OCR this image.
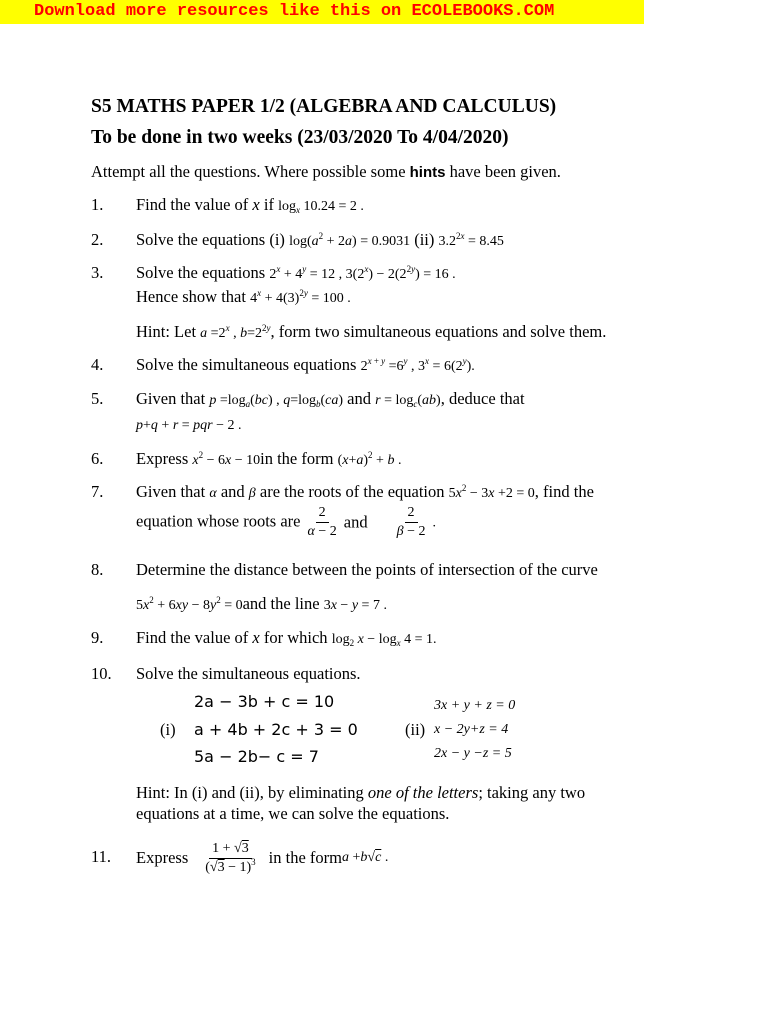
Download more resources like this on ECOLEBOOKS.COM
S5 MATHS PAPER 1/2 (ALGEBRA AND CALCULUS)
To be done in two weeks (23/03/2020 To 4/04/2020)
Attempt all the questions. Where possible some hints have been given.
1. Find the value of x if $\log_x 10.24 = 2$ .
2. Solve the equations (i) $\log(a^2 + 2a) = 0.9031$ (ii) $3.2^{2x} = 8.45$
3. Solve the equations $2^x + 4^y = 12$ , $3(2^x) - 2(2^{2y}) = 16$ .
Hence show that $4^x + 4(3)^{2y} = 100$ .
Hint: Let $a =2^x$ , $b=2^{2y}$, form two simultaneous equations and solve them.
4. Solve the simultaneous equations $2^{x + y} =6^y$ , $3^x = 6(2^y)$.
5. Given that $p =\log_a(bc)$ , $q=\log_b(ca)$ and $r = \log_c(ab)$, deduce that
p+q + r = pqr − 2 .
6. Express $x^2 - 6x - 10in$ the form $(x+a)^2 + b$ .
7. Given that α and β are the roots of the equation $5x^2 - 3x +2 = 0$, find the
equation whose roots are $\frac{2}{\alpha - 2}$ and $\frac{2}{\beta - 2}$ .
8. Determine the distance between the points of intersection of the curve
$5x^2 + 6xy - 8y^2 = 0and$ the line 3x − y = 7 .
9. Find the value of x for which $\log_2 x - \log_x 4 = 1$.
10. Solve the simultaneous equations.
2a − 3b + c = 10
(i) a + 4b + 2c + 3 = 0
5a − 2b− c = 7
3x + y + z = 0
(ii) x − 2y+z = 4
2x − y −z = 5
Hint: In (i) and (ii), by eliminating one of the letters; taking any two
equations at a time, we can solve the equations.
11. Express $\frac{1 + √3}{(√3 - 1)^3}$ in the form a +b√c .
